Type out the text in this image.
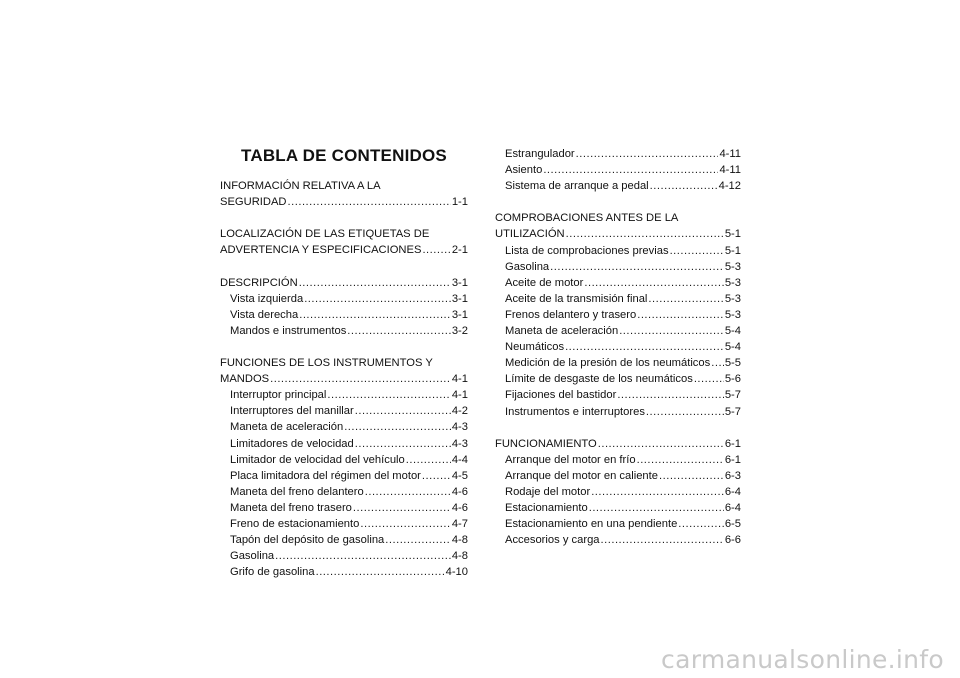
TABLA DE CONTENIDOS
INFORMACIÓN RELATIVA A LA
SEGURIDAD .....	1-1
LOCALIZACIÓN DE LAS ETIQUETAS DE
ADVERTENCIA Y ESPECIFICACIONES .....	2-1
DESCRIPCIÓN .....	3-1
Vista izquierda .....	3-1
Vista derecha .....	3-1
Mandos e instrumentos .....	3-2
FUNCIONES DE LOS INSTRUMENTOS Y
MANDOS .....	4-1
Interruptor principal .....	4-1
Interruptores del manillar .....	4-2
Maneta de aceleración .....	4-3
Limitadores de velocidad .....	4-3
Limitador de velocidad del vehículo .....	4-4
Placa limitadora del régimen del motor .....	4-5
Maneta del freno delantero .....	4-6
Maneta del freno trasero .....	4-6
Freno de estacionamiento .....	4-7
Tapón del depósito de gasolina .....	4-8
Gasolina .....	4-8
Grifo de gasolina .....	4-10
Estrangulador .....	4-11
Asiento .....	4-11
Sistema de arranque a pedal .....	4-12
COMPROBACIONES ANTES DE LA
UTILIZACIÓN .....	5-1
Lista de comprobaciones previas .....	5-1
Gasolina .....	5-3
Aceite de motor .....	5-3
Aceite de la transmisión final .....	5-3
Frenos delantero y trasero .....	5-3
Maneta de aceleración .....	5-4
Neumáticos .....	5-4
Medición de la presión de los neumáticos ..... 5-5
Límite de desgaste de los neumáticos .....	5-6
Fijaciones del bastidor .....	5-7
Instrumentos e interruptores .....	5-7
FUNCIONAMIENTO .....	6-1
Arranque del motor en frío .....	6-1
Arranque del motor en caliente .....	6-3
Rodaje del motor .....	6-4
Estacionamiento .....	6-4
Estacionamiento en una pendiente .....	6-5
Accesorios y carga .....	6-6
carmanualsonline.info
